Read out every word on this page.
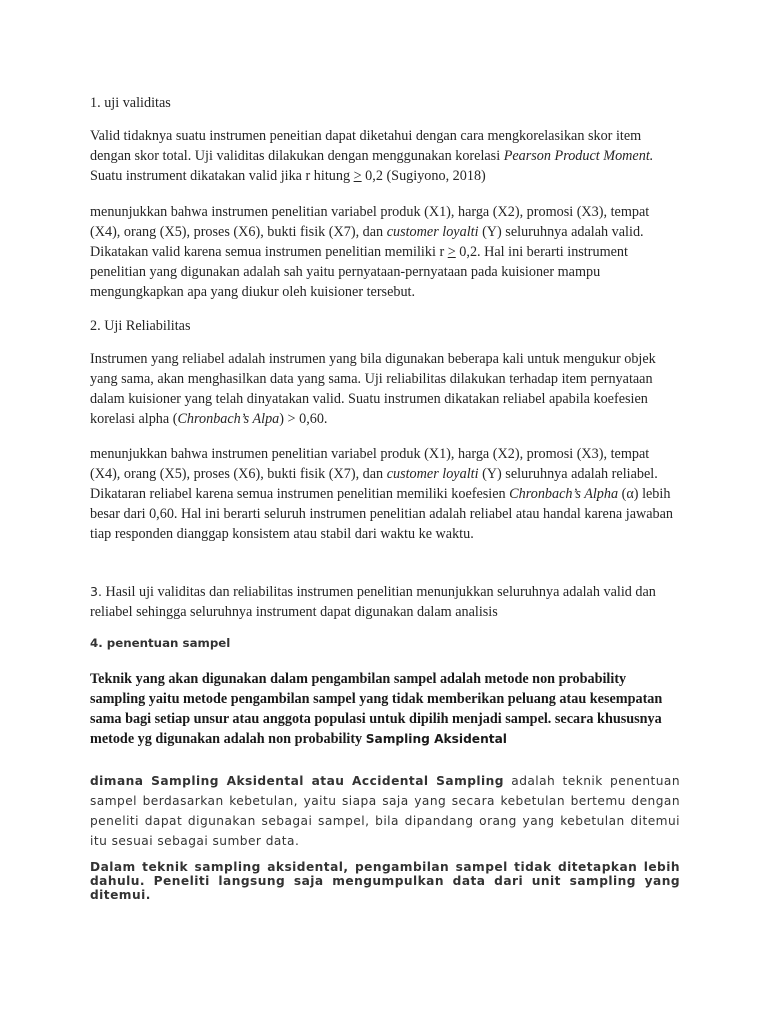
1. uji validitas

Valid tidaknya suatu instrumen peneitian dapat diketahui dengan cara mengkorelasikan skor item dengan skor total. Uji validitas dilakukan dengan menggunakan korelasi Pearson Product Moment. Suatu instrument dikatakan valid jika r hitung ≥ 0,2 (Sugiyono, 2018)

menunjukkan bahwa instrumen penelitian variabel produk (X1), harga (X2), promosi (X3), tempat (X4), orang (X5), proses (X6), bukti fisik (X7), dan customer loyalti (Y) seluruhnya adalah valid. Dikatakan valid karena semua instrumen penelitian memiliki r ≥ 0,2. Hal ini berarti instrument penelitian yang digunakan adalah sah yaitu pernyataan-pernyataan pada kuisioner mampu mengungkapkan apa yang diukur oleh kuisioner tersebut.

2. Uji Reliabilitas

Instrumen yang reliabel adalah instrumen yang bila digunakan beberapa kali untuk mengukur objek yang sama, akan menghasilkan data yang sama. Uji reliabilitas dilakukan terhadap item pernyataan dalam kuisioner yang telah dinyatakan valid. Suatu instrumen dikatakan reliabel apabila koefesien korelasi alpha (Chronbach’s Alpa) > 0,60.

menunjukkan bahwa instrumen penelitian variabel produk (X1), harga (X2), promosi (X3), tempat (X4), orang (X5), proses (X6), bukti fisik (X7), dan customer loyalti (Y) seluruhnya adalah reliabel. Dikataran reliabel karena semua instrumen penelitian memiliki koefesien Chronbach’s Alpha (α) lebih besar dari 0,60. Hal ini berarti seluruh instrumen penelitian adalah reliabel atau handal karena jawaban tiap responden dianggap konsistem atau stabil dari waktu ke waktu.

3. Hasil uji validitas dan reliabilitas instrumen penelitian menunjukkan seluruhnya adalah valid dan reliabel sehingga seluruhnya instrument dapat digunakan dalam analisis

4. penentuan sampel

Teknik yang akan digunakan dalam pengambilan sampel adalah metode non probability sampling yaitu metode pengambilan sampel yang tidak memberikan peluang atau kesempatan sama bagi setiap unsur atau anggota populasi untuk dipilih menjadi sampel. secara khususnya metode yg digunakan adalah non probability Sampling Aksidental

dimana Sampling Aksidental atau Accidental Sampling adalah teknik penentuan sampel berdasarkan kebetulan, yaitu siapa saja yang secara kebetulan bertemu dengan peneliti dapat digunakan sebagai sampel, bila dipandang orang yang kebetulan ditemui itu sesuai sebagai sumber data.

Dalam teknik sampling aksidental, pengambilan sampel tidak ditetapkan lebih dahulu. Peneliti langsung saja mengumpulkan data dari unit sampling yang ditemui.
